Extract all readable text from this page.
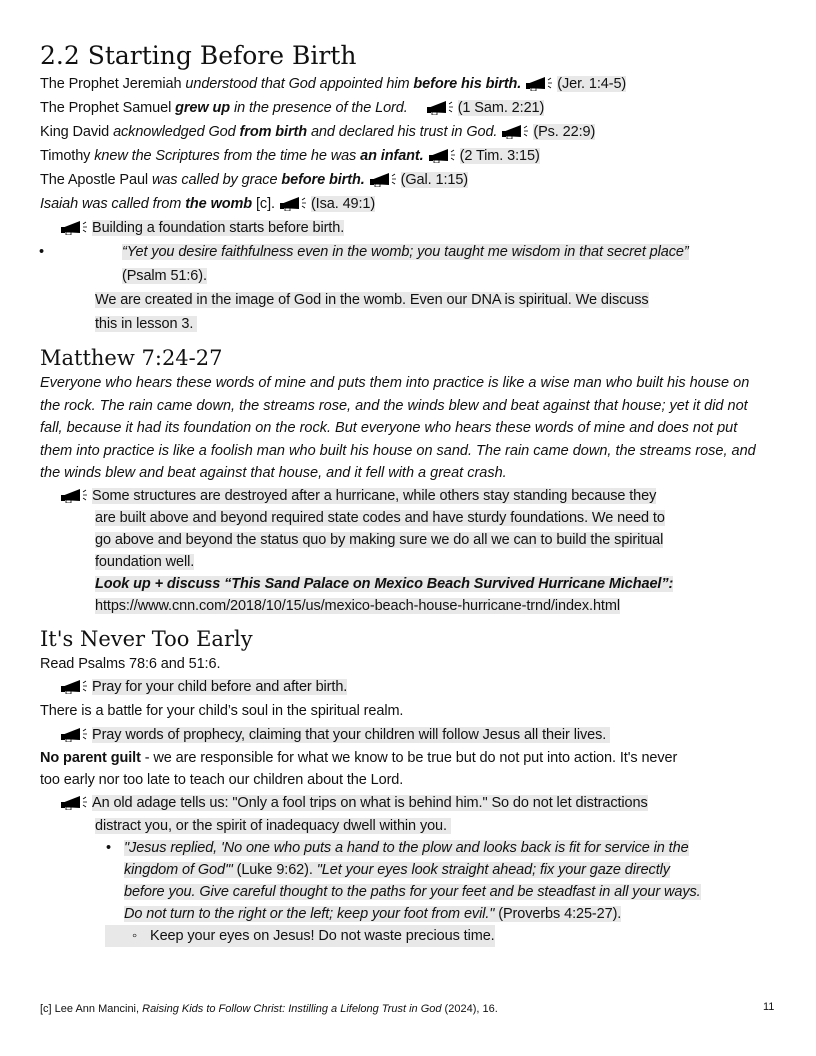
2.2 Starting Before Birth
The Prophet Jeremiah understood that God appointed him before his birth. (Jer. 1:4-5)
The Prophet Samuel grew up in the presence of the Lord.	(1 Sam. 2:21)
King David acknowledged God from birth and declared his trust in God. (Ps. 22:9)
Timothy knew the Scriptures from the time he was an infant. (2 Tim. 3:15)
The Apostle Paul was called by grace before birth. (Gal. 1:15)
Isaiah was called from the womb [c]. (Isa. 49:1)
Building a foundation starts before birth.
• “Yet you desire faithfulness even in the womb; you taught me wisdom in that secret place”
(Psalm 51:6).
We are created in the image of God in the womb. Even our DNA is spiritual. We discuss
this in lesson 3.
Matthew 7:24-27
Everyone who hears these words of mine and puts them into practice is like a wise man who built his house on
the rock. The rain came down, the streams rose, and the winds blew and beat against that house; yet it did not
fall, because it had its foundation on the rock. But everyone who hears these words of mine and does not put
them into practice is like a foolish man who built his house on sand. The rain came down, the streams rose, and
the winds blew and beat against that house, and it fell with a great crash.
Some structures are destroyed after a hurricane, while others stay standing because they
are built above and beyond required state codes and have sturdy foundations. We need to
go above and beyond the status quo by making sure we do all we can to build the spiritual
foundation well.
Look up + discuss “This Sand Palace on Mexico Beach Survived Hurricane Michael”:
https://www.cnn.com/2018/10/15/us/mexico-beach-house-hurricane-trnd/index.html
It's Never Too Early
Read Psalms 78:6 and 51:6.
Pray for your child before and after birth.
There is a battle for your child’s soul in the spiritual realm.
Pray words of prophecy, claiming that your children will follow Jesus all their lives.
No parent guilt - we are responsible for what we know to be true but do not put into action. It's never
too early nor too late to teach our children about the Lord.
An old adage tells us: "Only a fool trips on what is behind him." So do not let distractions
distract you, or the spirit of inadequacy dwell within you.
• "Jesus replied, 'No one who puts a hand to the plow and looks back is fit for service in the
kingdom of God'" (Luke 9:62). "Let your eyes look straight ahead; fix your gaze directly
before you. Give careful thought to the paths for your feet and be steadfast in all your ways.
Do not turn to the right or the left; keep your foot from evil." (Proverbs 4:25-27).
◦ Keep your eyes on Jesus! Do not waste precious time.
[c] Lee Ann Mancini, Raising Kids to Follow Christ: Instilling a Lifelong Trust in God (2024), 16.	11
